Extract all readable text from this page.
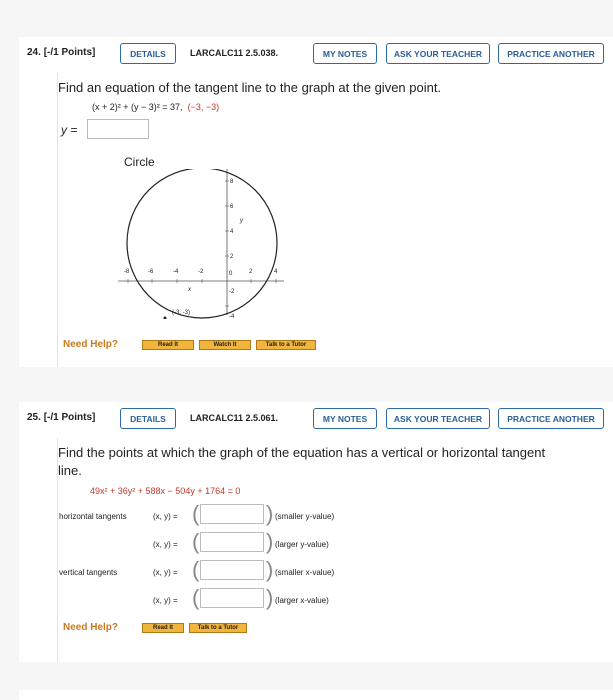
24. [-/1 Points]	DETAILS	LARCALC11 2.5.038.	MY NOTES	ASK YOUR TEACHER	PRACTICE ANOTHER
Find an equation of the tangent line to the graph at the given point.
(x + 2)² + (y − 3)² = 37, (−3, −3)
y =
Circle
-8	-6	-4	-2	0	2	4
8
6
4
2
-2
-4
x
y
(-3, -3)
Need Help?	Read It	Watch It	Talk to a Tutor
25. [-/1 Points]	DETAILS	LARCALC11 2.5.061.	MY NOTES	ASK YOUR TEACHER	PRACTICE ANOTHER
Find the points at which the graph of the equation has a vertical or horizontal tangent line.
49x² + 36y² + 588x − 504y + 1764 = 0
horizontal tangents
vertical tangents
(x, y) = (	) (smaller y-value)
(x, y) = (	) (larger y-value)
(x, y) = (	) (smaller x-value)
(x, y) = (	) (larger x-value)
Need Help?	Read It	Talk to a Tutor
